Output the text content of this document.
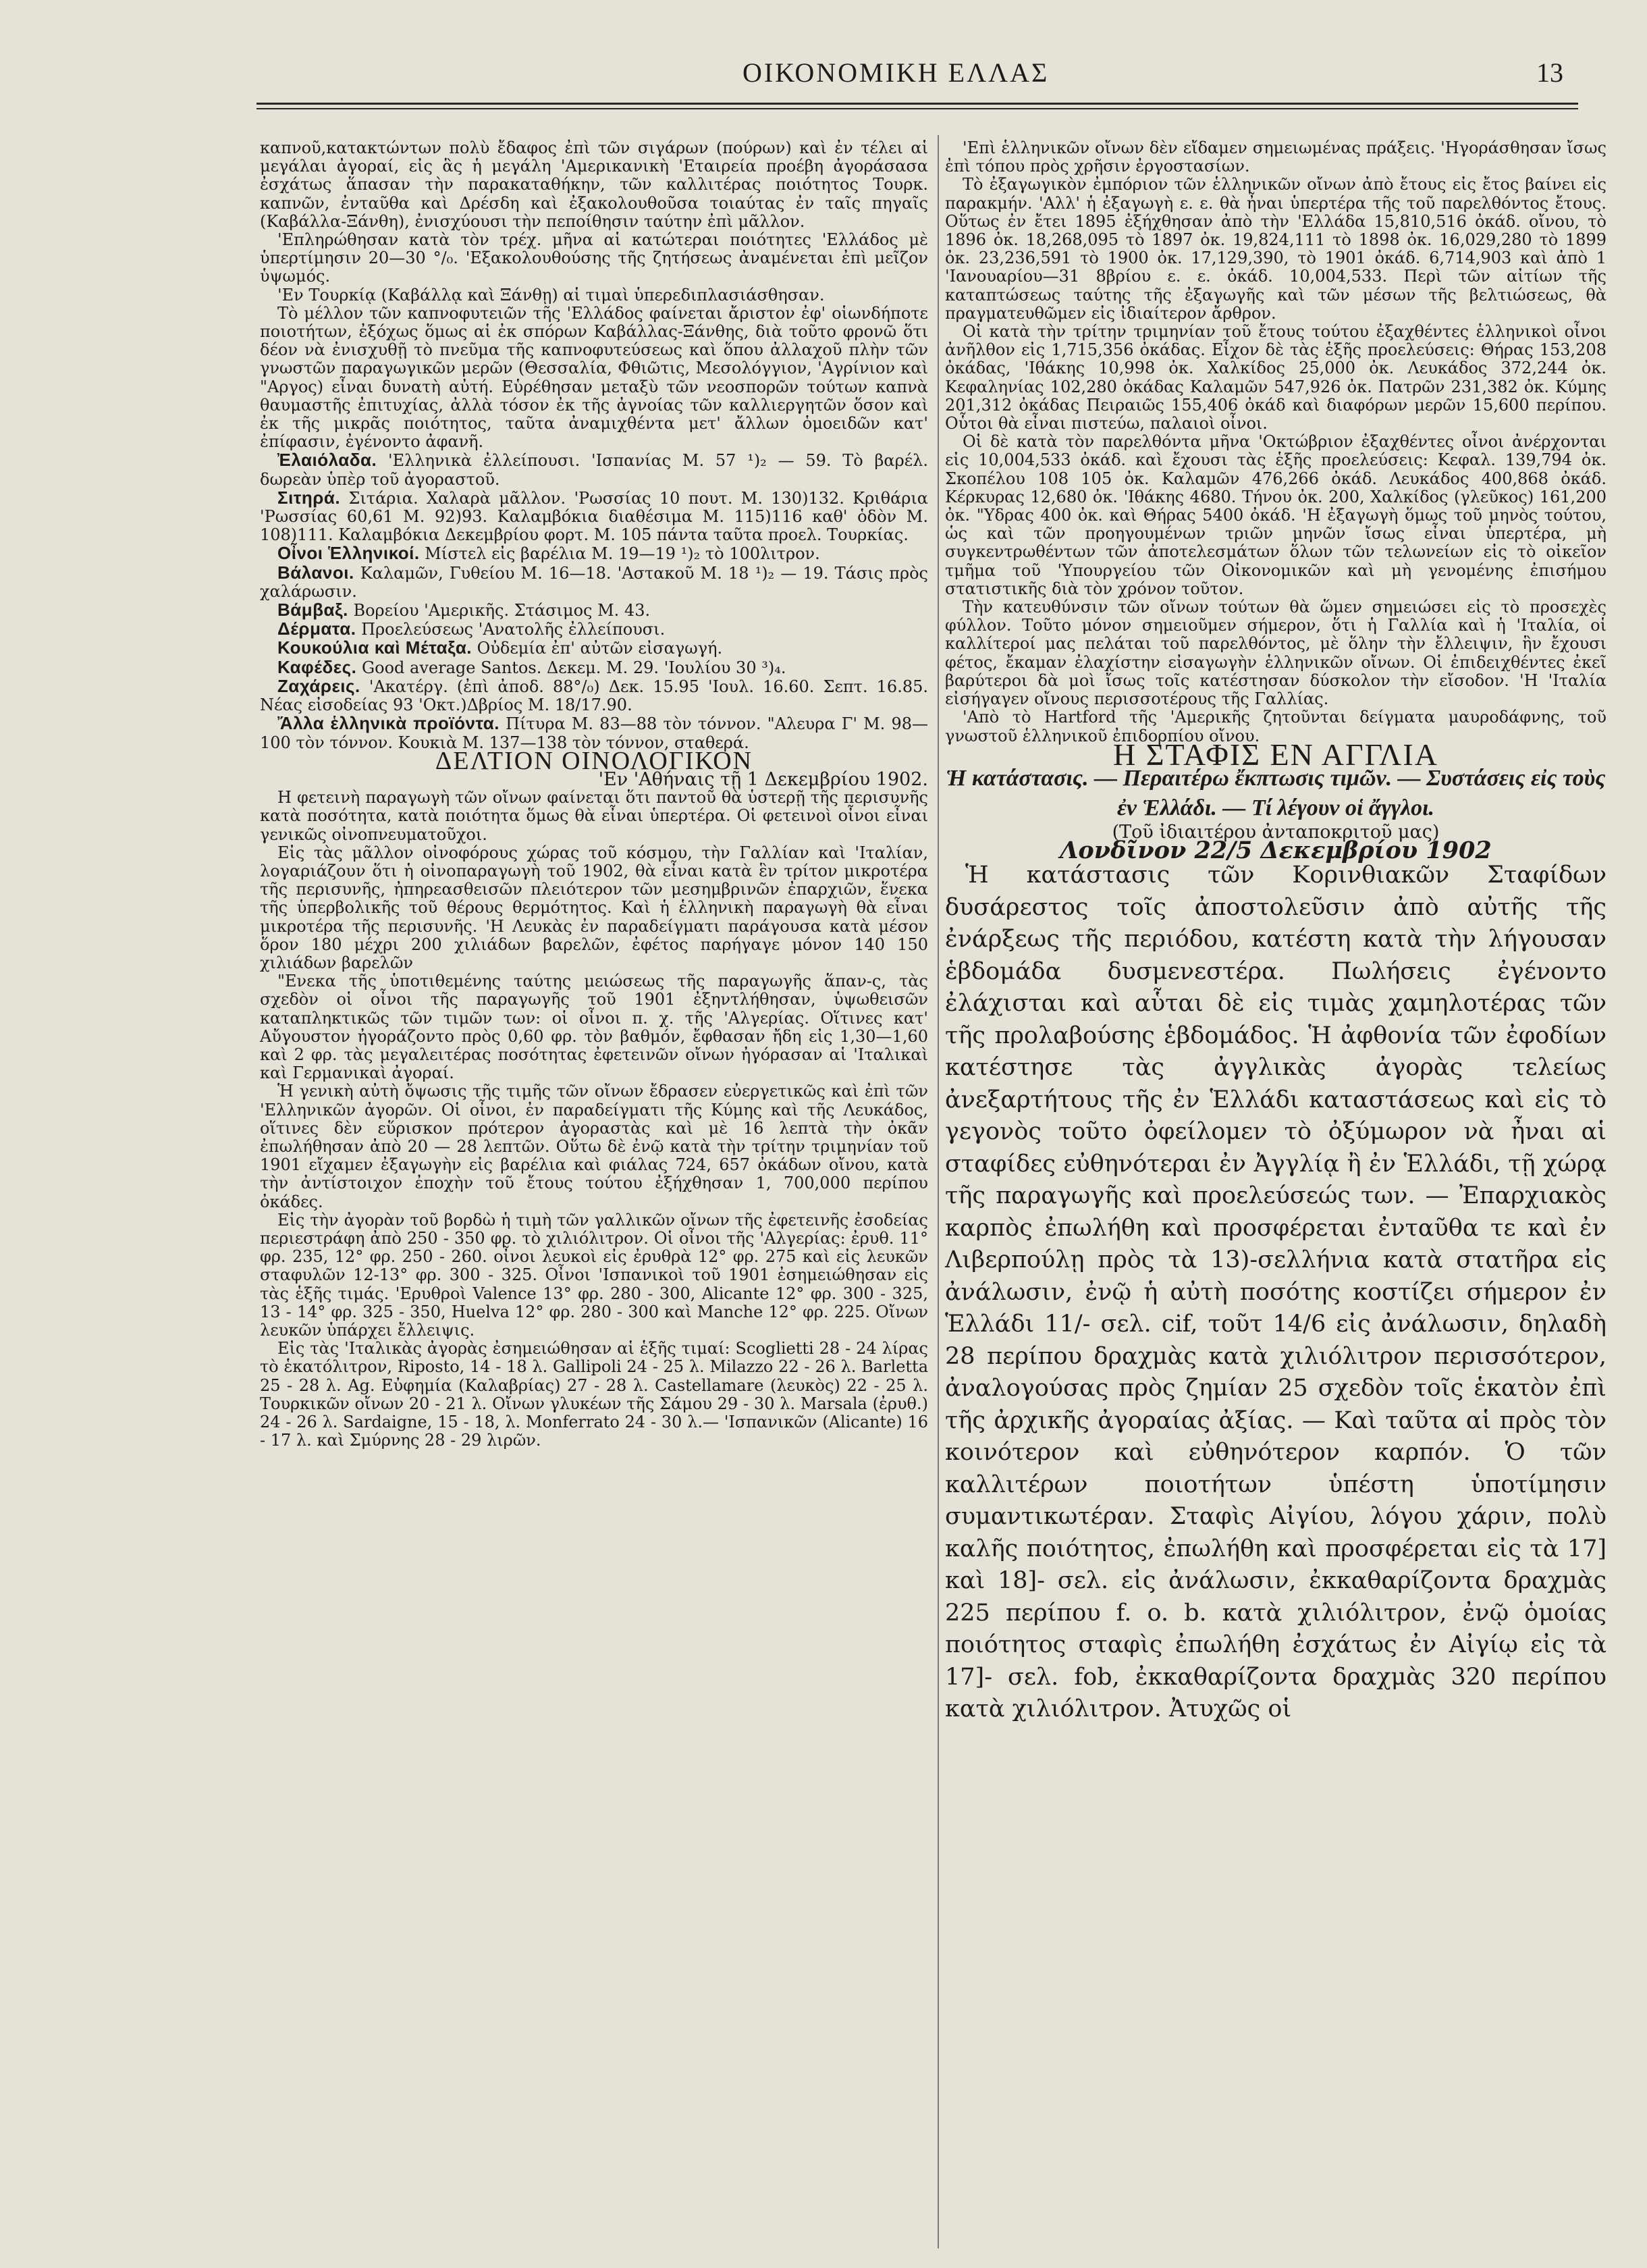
ΟΙΚΟΝΟΜΙΚΗ ΕΛΛΑΣ	13

καπνοῦ,κατακτώντων πολὺ ἔδαφος ἐπὶ τῶν σιγάρων (πούρων) καὶ ἐν τέλει αἱ μεγάλαι ἀγοραί, εἰς ἃς ἡ μεγάλη 'Αμερικανικὴ 'Εταιρεία προέβη ἀγοράσασα ἐσχάτως ἅπασαν τὴν παρακαταθήκην, τῶν καλλιτέρας ποιότητος Τουρκ. καπνῶν, ἐνταῦθα καὶ Δρέσδη καὶ ἐξακολουθοῦσα τοιαύτας ἐν ταῖς πηγαῖς (Καβάλλα-Ξάνθη), ἐνισχύουσι τὴν πεποίθησιν ταύτην ἐπὶ μᾶλλον.

'Επληρώθησαν κατὰ τὸν τρέχ. μῆνα αἱ κατώτεραι ποιότητες 'Ελλάδος μὲ ὑπερτίμησιν 20—30 °/₀. 'Εξακολουθούσης τῆς ζητήσεως ἀναμένεται ἐπὶ μεῖζον ὑψωμός.

'Εν Τουρκίᾳ (Καβάλλᾳ καὶ Ξάνθῃ) αἱ τιμαὶ ὑπερεδιπλασιάσθησαν.

Τὸ μέλλον τῶν καπνοφυτειῶν τῆς 'Ελλάδος φαίνεται ἄριστον ἐφ' οἱωνδήποτε ποιοτήτων, ἐξόχως ὅμως αἱ ἐκ σπόρων Καβάλλας-Ξάνθης, διὰ τοῦτο φρονῶ ὅτι δέον νὰ ἐνισχυθῇ τὸ πνεῦμα τῆς καπνοφυτεύσεως καὶ ὅπου ἀλλαχοῦ πλὴν τῶν γνωστῶν παραγωγικῶν μερῶν (Θεσσαλία, Φθιῶτις, Μεσολόγγιον, 'Αγρίνιον καὶ "Αργος) εἶναι δυνατὴ αὐτή. Εὑρέθησαν μεταξὺ τῶν νεοσπορῶν τούτων καπνὰ θαυμαστῆς ἐπιτυχίας, ἀλλὰ τόσον ἐκ τῆς ἀγνοίας τῶν καλλιεργητῶν ὅσον καὶ ἐκ τῆς μικρᾶς ποιότητος, ταῦτα ἀναμιχθέντα μετ' ἄλλων ὁμοειδῶν κατ' ἐπίφασιν, ἐγένοντο ἀφανῆ.

Ἐλαιόλαδα. 'Ελληνικὰ ἐλλείπουσι. 'Ισπανίας Μ. 57 ¹)₂ — 59. Τὸ βαρέλ. δωρεὰν ὑπὲρ τοῦ ἀγοραστοῦ.

Σιτηρά. Σιτάρια. Χαλαρὰ μᾶλλον. 'Ρωσσίας 10 πουτ. Μ. 130)132. Κριθάρια 'Ρωσσίας 60,61 Μ. 92)93. Καλαμβόκια διαθέσιμα Μ. 115)116 καθ' ὁδὸν Μ. 108)111. Καλαμβόκια Δεκεμβρίου φορτ. Μ. 105 πάντα ταῦτα προελ. Τουρκίας.

Οἶνοι Ἑλληνικοί. Μίστελ εἰς βαρέλια Μ. 19—19 ¹)₂ τὸ 100λιτρον.

Βάλανοι. Καλαμῶν, Γυθείου Μ. 16—18. 'Αστακοῦ Μ. 18 ¹)₂ — 19. Τάσις πρὸς χαλάρωσιν.

Βάμβαξ. Βορείου 'Αμερικῆς. Στάσιμος Μ. 43.

Δέρματα. Προελεύσεως 'Ανατολῆς ἐλλείπουσι.

Κουκούλια καὶ Μέταξα. Οὐδεμία ἐπ' αὐτῶν εἰσαγωγή.

Καφέδες. Good average Santos. Δεκεμ. Μ. 29. 'Ιουλίου 30 ³)₄.

Ζαχάρεις. 'Ακατέργ. (ἐπὶ ἀποδ. 88°/₀) Δεκ. 15.95 'Ιουλ. 16.60. Σεπτ. 16.85. Νέας εἰσοδείας 93 'Οκτ.)Δβρίος Μ. 18/17.90.

Ἄλλα ἑλληνικὰ προϊόντα. Πίτυρα Μ. 83—88 τὸν τόννον. "Αλευρα Γ' Μ. 98—100 τὸν τόννον. Κουκιὰ Μ. 137—138 τὸν τόννον, σταθερά.

ΔΕΛΤΙΟΝ ΟΙΝΟΛΟΓΙΚΟΝ

'Εν 'Αθήναις τῇ 1 Δεκεμβρίου 1902.

Η φετεινὴ παραγωγὴ τῶν οἴνων φαίνεται ὅτι παντοῦ θὰ ὑστερῇ τῆς περισυνῆς κατὰ ποσότητα, κατὰ ποιότητα ὅμως θὰ εἶναι ὑπερτέρα. Οἱ φετεινοὶ οἶνοι εἶναι γενικῶς οἰνοπνευματοῦχοι.

Εἰς τὰς μᾶλλον οἰνοφόρους χώρας τοῦ κόσμου, τὴν Γαλλίαν καὶ 'Ιταλίαν, λογαριάζουν ὅτι ἡ οἰνοπαραγωγὴ τοῦ 1902, θὰ εἶναι κατὰ ἓν τρίτον μικροτέρα τῆς περισυνῆς, ἠπηρεασθεισῶν πλειότερον τῶν μεσημβρινῶν ἐπαρχιῶν, ἕνεκα τῆς ὑπερβολικῆς τοῦ θέρους θερμότητος. Καὶ ἡ ἑλληνικὴ παραγωγὴ θὰ εἶναι μικροτέρα τῆς περισυνῆς. 'Η Λευκὰς ἐν παραδείγματι παράγουσα κατὰ μέσον ὅρον 180 μέχρι 200 χιλιάδων βαρελῶν, ἐφέτος παρήγαγε μόνον 140 150 χιλιάδων βαρελῶν

"Ενεκα τῆς ὑποτιθεμένης ταύτης μειώσεως τῆς παραγωγῆς ἅπαν-ς, τὰς σχεδὸν οἱ οἶνοι τῆς παραγωγῆς τοῦ 1901 ἐξηντλήθησαν, ὑψωθεισῶν καταπληκτικῶς τῶν τιμῶν των: οἱ οἶνοι π. χ. τῆς 'Αλγερίας. Οἵτινες κατ' Αὔγουστον ἠγοράζοντο πρὸς 0,60 φρ. τὸν βαθμόν, ἔφθασαν ἤδη εἰς 1,30—1,60 καὶ 2 φρ. τὰς μεγαλειτέρας ποσότητας ἐφετεινῶν οἴνων ἠγόρασαν αἱ 'Ιταλικαὶ καὶ Γερμανικαὶ ἀγοραί.

Ἡ γενικὴ αὐτὴ ὄψωσις τῆς τιμῆς τῶν οἴνων ἔδρασεν εὐεργετικῶς καὶ ἐπὶ τῶν 'Ελληνικῶν ἀγορῶν. Οἱ οἶνοι, ἐν παραδείγματι τῆς Κύμης καὶ τῆς Λευκάδος, οἵτινες δὲν εὕρισκον πρότερον ἀγοραστὰς καὶ μὲ 16 λεπτὰ τὴν ὀκᾶν ἐπωλήθησαν ἀπὸ 20 — 28 λεπτῶν. Οὕτω δὲ ἐνῷ κατὰ τὴν τρίτην τριμηνίαν τοῦ 1901 εἴχαμεν ἐξαγωγὴν εἰς βαρέλια καὶ φιάλας 724, 657 ὀκάδων οἴνου, κατὰ τὴν ἀντίστοιχον ἐποχὴν τοῦ ἔτους τούτου ἐξήχθησαν 1, 700,000 περίπου ὀκάδες.

Εἰς τὴν ἀγορὰν τοῦ βορδὼ ἡ τιμὴ τῶν γαλλικῶν οἴνων τῆς ἐφετεινῆς ἐσοδείας περιεστράφη ἀπὸ 250 - 350 φρ. τὸ χιλιόλιτρον. Οἱ οἶνοι τῆς 'Αλγερίας: ἐρυθ. 11° φρ. 235, 12° φρ. 250 - 260. οἶνοι λευκοὶ εἰς ἐρυθρὰ 12° φρ. 275 καὶ εἰς λευκῶν σταφυλῶν 12-13° φρ. 300 - 325. Οἶνοι 'Ισπανικοὶ τοῦ 1901 ἐσημειώθησαν εἰς τὰς ἑξῆς τιμάς. 'Ερυθροὶ Valence 13° φρ. 280 - 300, Alicante 12° φρ. 300 - 325, 13 - 14° φρ. 325 - 350, Huelva 12° φρ. 280 - 300 καὶ Manche 12° φρ. 225. Οἴνων λευκῶν ὑπάρχει ἔλλειψις.

Εἰς τὰς 'Ιταλικὰς ἀγορὰς ἐσημειώθησαν αἱ ἑξῆς τιμαί: Scoglietti 28 - 24 λίρας τὸ ἑκατόλιτρον, Riposto, 14 - 18 λ. Gallipoli 24 - 25 λ. Milazzo 22 - 26 λ. Barletta 25 - 28 λ. Ag. Εὐφημία (Καλαβρίας) 27 - 28 λ. Castellamare (λευκὸς) 22 - 25 λ. Τουρκικῶν οἴνων 20 - 21 λ. Οἴνων γλυκέων τῆς Σάμου 29 - 30 λ. Marsala (ἐρυθ.) 24 - 26 λ. Sardaigne, 15 - 18, λ. Monferrato 24 - 30 λ.— 'Ισπανικῶν (Alicante) 16 - 17 λ. καὶ Σμύρνης 28 - 29 λιρῶν.

'Επὶ ἑλληνικῶν οἴνων δὲν εἴδαμεν σημειωμένας πράξεις. 'Ηγοράσθησαν ἴσως ἐπὶ τόπου πρὸς χρῆσιν ἐργοστασίων.

Τὸ ἐξαγωγικὸν ἐμπόριον τῶν ἑλληνικῶν οἴνων ἀπὸ ἔτους εἰς ἔτος βαίνει εἰς παρακμήν. 'Αλλ' ἡ ἐξαγωγὴ ε. ε. θὰ ἦναι ὑπερτέρα τῆς τοῦ παρελθόντος ἔτους. Οὕτως ἐν ἔτει 1895 ἐξήχθησαν ἀπὸ τὴν 'Ελλάδα 15,810,516 ὀκάδ. οἴνου, τὸ 1896 ὀκ. 18,268,095 τὸ 1897 ὀκ. 19,824,111 τὸ 1898 ὀκ. 16,029,280 τὸ 1899 ὀκ. 23,236,591 τὸ 1900 ὀκ. 17,129,390, τὸ 1901 ὀκάδ. 6,714,903 καὶ ἀπὸ 1 'Ιανουαρίου—31 8βρίου ε. ε. ὀκάδ. 10,004,533. Περὶ τῶν αἰτίων τῆς καταπτώσεως ταύτης τῆς ἐξαγωγῆς καὶ τῶν μέσων τῆς βελτιώσεως, θὰ πραγματευθῶμεν εἰς ἰδιαίτερον ἄρθρον.

Οἱ κατὰ τὴν τρίτην τριμηνίαν τοῦ ἔτους τούτου ἐξαχθέντες ἑλληνικοὶ οἶνοι ἀνῆλθον εἰς 1,715,356 ὀκάδας. Εἶχον δὲ τὰς ἑξῆς προελεύσεις: Θήρας 153,208 ὀκάδας, 'Ιθάκης 10,998 ὀκ. Χαλκίδος 25,000 ὀκ. Λευκάδος 372,244 ὀκ. Κεφαληνίας 102,280 ὀκάδας Καλαμῶν 547,926 ὀκ. Πατρῶν 231,382 ὀκ. Κύμης 201,312 ὀκάδας Πειραιῶς 155,406 ὀκάδ καὶ διαφόρων μερῶν 15,600 περίπου. Οὗτοι θὰ εἶναι πιστεύω, παλαιοὶ οἶνοι.

Οἱ δὲ κατὰ τὸν παρελθόντα μῆνα 'Οκτώβριον ἐξαχθέντες οἶνοι ἀνέρχονται εἰς 10,004,533 ὀκάδ. καὶ ἔχουσι τὰς ἑξῆς προελεύσεις: Κεφαλ. 139,794 ὀκ. Σκοπέλου 108 105 ὀκ. Καλαμῶν 476,266 ὀκάδ. Λευκάδος 400,868 ὀκάδ. Κέρκυρας 12,680 ὀκ. 'Ιθάκης 4680. Τήνου ὀκ. 200, Χαλκίδος (γλεῦκος) 161,200 ὀκ. "Υδρας 400 ὀκ. καὶ Θήρας 5400 ὀκάδ. 'Η ἐξαγωγὴ ὅμως τοῦ μηνὸς τούτου, ὡς καὶ τῶν προηγουμένων τριῶν μηνῶν ἴσως εἶναι ὑπερτέρα, μὴ συγκεντρωθέντων τῶν ἀποτελεσμάτων ὅλων τῶν τελωνείων εἰς τὸ οἰκεῖον τμῆμα τοῦ 'Υπουργείου τῶν Οἰκονομικῶν καὶ μὴ γενομένης ἐπισήμου στατιστικῆς διὰ τὸν χρόνον τοῦτον.

Τὴν κατευθύνσιν τῶν οἴνων τούτων θὰ ὥμεν σημειώσει εἰς τὸ προσεχὲς φύλλον. Τοῦτο μόνον σημειοῦμεν σήμερον, ὅτι ἡ Γαλλία καὶ ἡ 'Ιταλία, οἱ καλλίτεροί μας πελάται τοῦ παρελθόντος, μὲ ὅλην τὴν ἔλλειψιν, ἣν ἔχουσι φέτος, ἔκαμαν ἐλαχίστην εἰσαγωγὴν ἑλληνικῶν οἴνων. Οἱ ἐπιδειχθέντες ἐκεῖ βαρύτεροι δὰ μοὶ ἴσως τοῖς κατέστησαν δύσκολον τὴν εἴσοδον. 'Η 'Ιταλία εἰσήγαγεν οἴνους περισσοτέρους τῆς Γαλλίας.

'Απὸ τὸ Hartford τῆς 'Αμερικῆς ζητοῦνται δείγματα μαυροδάφνης, τοῦ γνωστοῦ ἑλληνικοῦ ἐπιδορπίου οἴνου.

Η ΣΤΑΦΙΣ ΕΝ ΑΓΓΛΙΑ

Ἡ κατάστασις. — Περαιτέρω ἔκπτωσις τιμῶν. — Συστάσεις εἰς τοὺς ἐν Ἑλλάδι. — Τί λέγουν οἱ ἄγγλοι.

(Τοῦ ἰδιαιτέρου ἀνταποκριτοῦ μας)

Λονδῖνον 22/5 Δεκεμβρίου 1902

Ἡ κατάστασις τῶν Κορινθιακῶν Σταφίδων δυσάρεστος τοῖς ἀποστολεῦσιν ἀπὸ αὐτῆς τῆς ἐνάρξεως τῆς περιόδου, κατέστη κατὰ τὴν λήγουσαν ἑβδομάδα δυσμενεστέρα. Πωλήσεις ἐγένοντο ἐλάχισται καὶ αὗται δὲ εἰς τιμὰς χαμηλοτέρας τῶν τῆς προλαβούσης ἑβδομάδος. Ἡ ἀφθονία τῶν ἐφοδίων κατέστησε τὰς ἀγγλικὰς ἀγορὰς τελείως ἀνεξαρτήτους τῆς ἐν Ἑλλάδι καταστάσεως καὶ εἰς τὸ γεγονὸς τοῦτο ὀφείλομεν τὸ ὀξύμωρον νὰ ἦναι αἱ σταφίδες εὐθηνότεραι ἐν Ἀγγλίᾳ ἢ ἐν Ἑλλάδι, τῇ χώρᾳ τῆς παραγωγῆς καὶ προελεύσεώς των. — Ἐπαρχιακὸς καρπὸς ἐπωλήθη καὶ προσφέρεται ἐνταῦθα τε καὶ ἐν Λιβερπούλῃ πρὸς τὰ 13)-σελλήνια κατὰ στατῆρα εἰς ἀνάλωσιν, ἐνῷ ἡ αὐτὴ ποσότης κοστίζει σήμερον ἐν Ἑλλάδι 11/- σελ. cif, τοῦτ 14/6 εἰς ἀνάλωσιν, δηλαδὴ 28 περίπου δραχμὰς κατὰ χιλιόλιτρον περισσότερον, ἀναλογούσας πρὸς ζημίαν 25 σχεδὸν τοῖς ἑκατὸν ἐπὶ τῆς ἀρχικῆς ἀγοραίας ἀξίας. — Καὶ ταῦτα αἱ πρὸς τὸν κοινότερον καὶ εὐθηνότερον καρπόν. Ὁ τῶν καλλιτέρων ποιοτήτων ὑπέστη ὑποτίμησιν συμαντικωτέραν. Σταφὶς Αἰγίου, λόγου χάριν, πολὺ καλῆς ποιότητος, ἐπωλήθη καὶ προσφέρεται εἰς τὰ 17] καὶ 18]- σελ. εἰς ἀνάλωσιν, ἐκκαθαρίζοντα δραχμὰς 225 περίπου f. o. b. κατὰ χιλιόλιτρον, ἐνῷ ὁμοίας ποιότητος σταφὶς ἐπωλήθη ἐσχάτως ἐν Αἰγίῳ εἰς τὰ 17]- σελ. fob, ἐκκαθαρίζοντα δραχμὰς 320 περίπου κατὰ χιλιόλιτρον. Ἀτυχῶς οἱ
